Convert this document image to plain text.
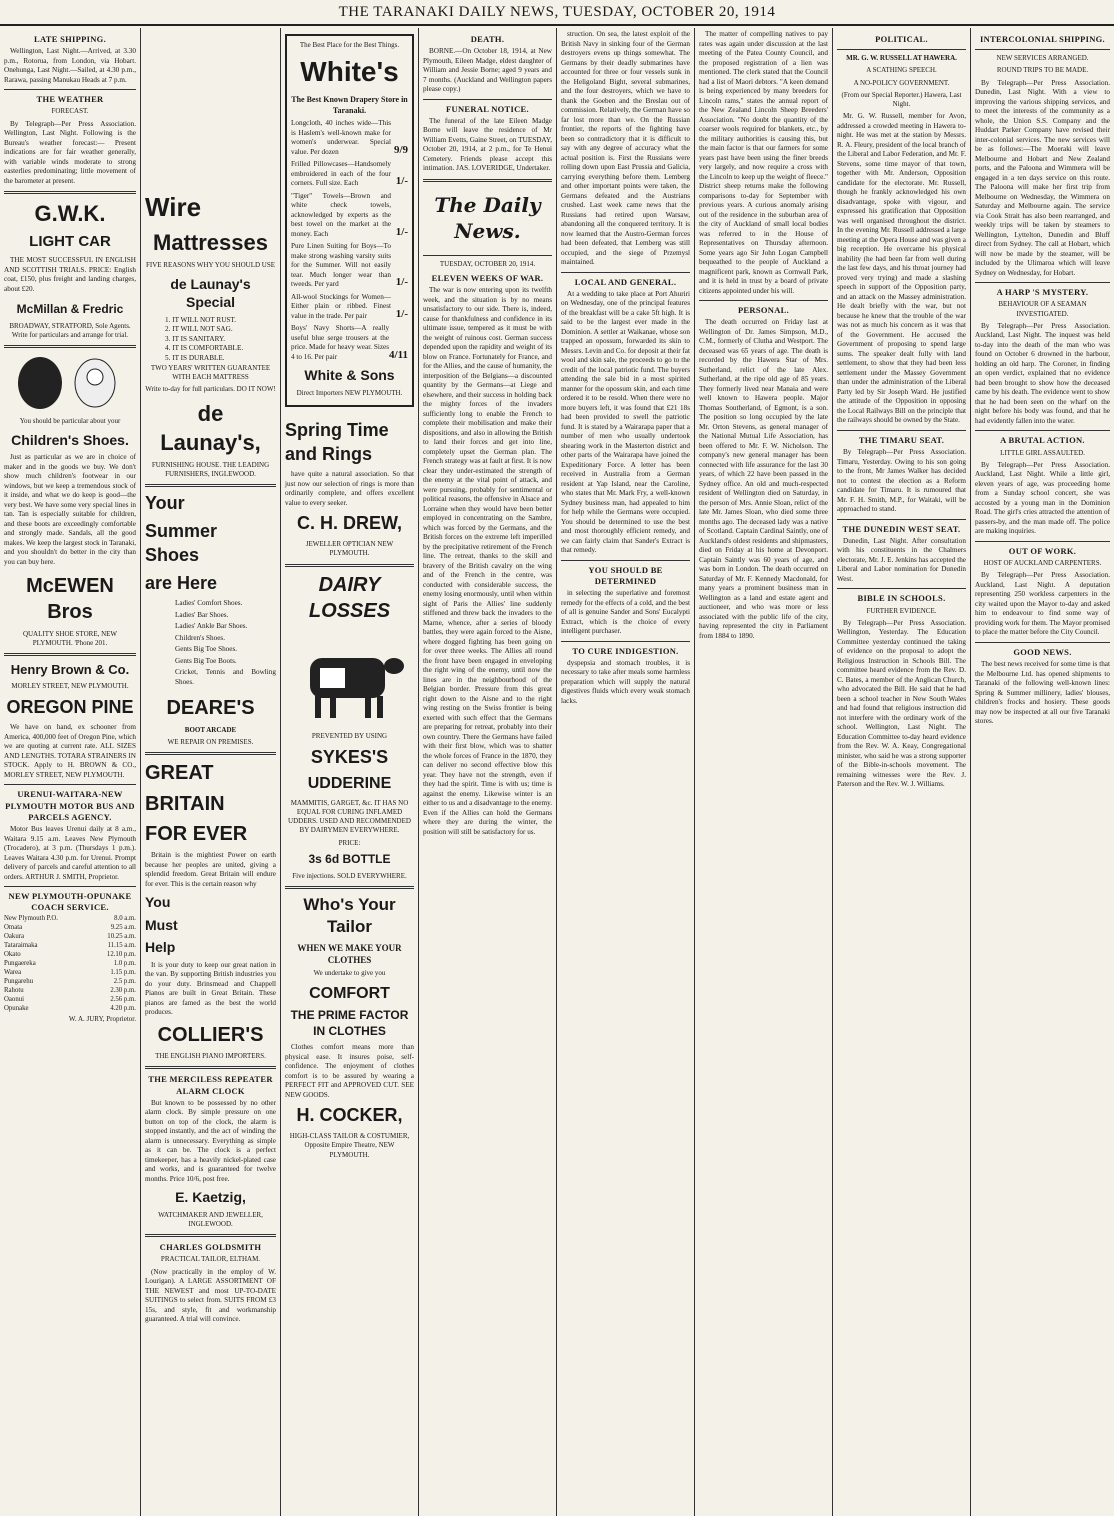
THE TARANAKI DAILY NEWS, TUESDAY, OCTOBER 20, 1914
LATE SHIPPING.

Wellington, Last Night.—Arrived, at 3.30 p.m., Rotorua, from London, via Hobart. Onehunga, Last Night.—Sailed, at 4.30 p.m., Rarawa, passing Manukau Heads at 7 p.m.

THE WEATHER
FORECAST.

By Telegraph—Per Press Association. Wellington, Last Night. Following is the Bureau's weather forecast:— Present indications are for fair weather generally, with variable winds moderate to strong easterlies predominating; little movement of the barometer at present.

G.W.K.
LIGHT CAR

THE MOST SUCCESSFUL IN ENGLISH AND SCOTTISH TRIALS. PRICE: English coat, £150, plus freight and landing charges, about £20.

McMillan & Fredric
BROADWAY, STRATFORD, Sole Agents. Write for particulars and arrange for trial.
You should be particular about your
Children's Shoes.

Just as particular as we are in choice of maker and in the goods we buy. We don't show much children's footwear in our windows, but we keep a tremendous stock of it inside, and what we do keep is good—the very best. We have some very special lines in tan. Tan is especially suitable for children, and these boots are exceedingly comfortable and strongly made. Sandals, all the good makes. We keep the largest stock in Taranaki, and you shouldn't do better in the city than you can buy here.

McEWEN Bros
QUALITY SHOE STORE, NEW PLYMOUTH. 'Phone 201.
Henry Brown & Co.
MORLEY STREET, NEW PLYMOUTH.
OREGON PINE

We have on hand, ex schooner from America, 400,000 feet of Oregon Pine, which we are quoting at current rate. ALL SIZES AND LENGTHS. TOTARA STRAINERS IN STOCK. Apply to H. BROWN & CO., MORLEY STREET, NEW PLYMOUTH.

URENUI-WAITARA-NEW PLYMOUTH MOTOR BUS AND PARCELS AGENCY.

Motor Bus leaves Urenui daily at 8 a.m., Waitara 9.15 a.m. Leaves New Plymouth (Trocadero), at 3 p.m. (Thursdays 1 p.m.). Leaves Waitara 4.30 p.m. for Urenui. Prompt delivery of parcels and careful attention to all orders. ARTHUR J. SMITH, Proprietor.

NEW PLYMOUTH-OPUNAKE COACH SERVICE.
New Plymouth P.O.	8.0 a.m.
Omata	9.25 a.m.
Oakura	10.25 a.m.
Tataraimaka	11.15 a.m.
Okato	12.10 p.m.
Pungaereka	1.0 p.m.
Warea	1.15 p.m.
Pungarehu	2.5 p.m.
Rahotu	2.30 p.m.
Oaonui	2.56 p.m.
Opunake	4.20 p.m.
W. A. JURY, Proprietor.
Wire
Mattresses
FIVE REASONS WHY YOU SHOULD USE
de Launay's Special
1. IT WILL NOT RUST.
2. IT WILL NOT SAG.
3. IT IS SANITARY.
4. IT IS COMFORTABLE.
5. IT IS DURABLE.
TWO YEARS' WRITTEN GUARANTEE WITH EACH MATTRESS
Write to-day for full particulars. DO IT NOW!
de Launay's,
FURNISHING HOUSE. THE LEADING FURNISHERS, INGLEWOOD.
Your
Summer Shoes
are Here
Ladies' Comfort Shoes.
Ladies' Bar Shoes.
Ladies' Ankle Bar Shoes.
Children's Shoes.
Gents Big Toe Shoes.
Gents Big Toe Boots.
Cricket, Tennis and Bowling Shoes.
DEARE'S
BOOT ARCADE
WE REPAIR ON PREMISES.
GREAT
BRITAIN
FOR EVER

Britain is the mightiest Power on earth because her peoples are united, giving a splendid freedom. Great Britain will endure for ever. This is the certain reason why

You
Must
Help

It is your duty to keep our great nation in the van. By supporting British industries you do your duty. Brinsmead and Chappell Pianos are built in Great Britain. These pianos are famed as the best the world produces.

COLLIER'S
THE ENGLISH PIANO IMPORTERS.
THE MERCILESS REPEATER ALARM CLOCK

But known to be possessed by no other alarm clock. By simple pressure on one button on top of the clock, the alarm is stopped instantly, and the act of winding the alarm is unnecessary. Everything as simple as it can be. The clock is a perfect timekeeper, has a heavily nickel-plated case and works, and is guaranteed for twelve months. Price 10/6, post free.

E. Kaetzig,
WATCHMAKER AND JEWELLER, INGLEWOOD.
CHARLES GOLDSMITH
PRACTICAL TAILOR, ELTHAM.

(Now practically in the employ of W. Lourigan). A LARGE ASSORTMENT OF THE NEWEST and most UP-TO-DATE SUITINGS to select from. SUITS FROM £3 15s, and style, fit and workmanship guaranteed. A trial will convince.

The Best Place for the Best Things.
White's
The Best Known Drapery Store in Taranaki.
Longcloth, 40 inches wide—This is Haslem's well-known make for women's underwear. Special value. Per dozen	9/9
Frilled Pillowcases—Handsomely embroidered in each of the four corners. Full size. Each	1/-
"Tiger" Towels—Brown and white check towels, acknowledged by experts as the best towel on the market at the money. Each	1/-
Pure Linen Suiting for Boys—To make strong washing varsity suits for the Summer. Will not easily tear. Much longer wear than tweeds. Per yard	1/-
All-wool Stockings for Women—Either plain or ribbed. Finest value in the trade. Per pair	1/-
Boys' Navy Shorts—A really useful blue serge trousers at the price. Made for heavy wear. Sizes 4 to 16. Per pair	4/11
White & Sons
Direct Importers NEW PLYMOUTH.
Spring Time and Rings

have quite a natural association. So that just now our selection of rings is more than ordinarily complete, and offers excellent value to every seeker.

C. H. DREW,
JEWELLER OPTICIAN NEW PLYMOUTH.
DAIRY LOSSES
PREVENTED BY USING
SYKES'S
UDDERINE
MAMMITIS, GARGET, &c. IT HAS NO EQUAL FOR CURING INFLAMED UDDERS. USED AND RECOMMENDED BY DAIRYMEN EVERYWHERE.
PRICE:
3s 6d BOTTLE
Five injections. SOLD EVERYWHERE.
Who's Your Tailor
WHEN WE MAKE YOUR CLOTHES
We undertake to give you
COMFORT
THE PRIME FACTOR IN CLOTHES

Clothes comfort means more than physical ease. It insures poise, self-confidence. The enjoyment of clothes comfort is to be assured by wearing a PERFECT FIT and APPROVED CUT. SEE NEW GOODS.

H. COCKER,
HIGH-CLASS TAILOR & COSTUMIER, Opposite Empire Theatre, NEW PLYMOUTH.
DEATH.

BORNE.—On October 18, 1914, at New Plymouth, Eileen Madge, eldest daughter of William and Jessie Borne; aged 9 years and 7 months. (Auckland and Wellington papers please copy.)

FUNERAL NOTICE.

The funeral of the late Eileen Madge Borne will leave the residence of Mr William Evetts, Gaine Street, on TUESDAY, October 20, 1914, at 2 p.m., for Te Henui Cemetery. Friends please accept this intimation. JAS. LOVERIDGE, Undertaker.

The Daily News.
TUESDAY, OCTOBER 20, 1914.
ELEVEN WEEKS OF WAR.

The war is now entering upon its twelfth week, and the situation is by no means unsatisfactory to our side. There is, indeed, cause for thankfulness and confidence in its ultimate issue, tempered as it must be with the weight of ruinous cost. German success depended upon the rapidity and weight of its blow on France. Fortunately for France, and for the Allies, and the cause of humanity, the interposition of the Belgians—a discounted quantity by the Germans—at Liege and elsewhere, and their success in holding back the mighty forces of the invaders sufficiently long to enable the French to complete their mobilisation and make their dispositions, and also in allowing the British to land their forces and get into line, completely upset the German plan. The French strategy was at fault at first. It is now clear they under-estimated the strength of the enemy at the vital point of attack, and were pursuing, probably for sentimental or political reasons, the offensive in Alsace and Lorraine when they would have been better employed in concentrating on the Sambre, which was forced by the Germans, and the British forces on the extreme left imperilled by the precipitative retirement of the French line. The retreat, thanks to the skill and bravery of the British cavalry on the wing and of the French in the centre, was conducted with considerable success, the enemy losing enormously, until when within sight of Paris the Allies' line suddenly stiffened and threw back the invaders to the Marne, whence, after a series of bloody battles, they were again forced to the Aisne, where dogged fighting has been going on for over three weeks. The Allies all round the front have been engaged in enveloping the right wing of the enemy, until now the lines are in the neighbourhood of the Belgian border. Pressure from this great right down to the Aisne and to the right wing resting on the Swiss frontier is being exerted with such effect that the Germans are preparing for retreat, probably into their own country. There the Germans have failed with their first blow, which was to shatter the whole forces of France in the 1870, they can deliver no second effective blow this year. They have not the strength, even if they had the spirit. Time is with us; time is against the enemy. Likewise winter is an either to us and a disadvantage to the enemy. Even if the Allies can hold the Germans where they are during the winter, the position will still be satisfactory for us.

struction. On sea, the latest exploit of the British Navy in sinking four of the German destroyers evens up things somewhat. The Germans by their deadly submarines have accounted for three or four vessels sunk in the Heligoland Bight, several submarines, and the four destroyers, which we have to thank the Goeben and the Breslau out of commission. Relatively, the German have so far lost more than we. On the Russian frontier, the reports of the fighting have been so contradictory that it is difficult to say with any degree of accuracy what the actual position is. First the Russians were rolling down upon East Prussia and Galicia, carrying everything before them. Lemberg and other important points were taken, the Germans defeated and the Austrians crushed. Last week came news that the Russians had retired upon Warsaw, abandoning all the conquered territory. It is now learned that the Austro-German forces had been defeated, that Lemberg was still occupied, and the siege of Przemysl maintained.

LOCAL AND GENERAL.

At a wedding to take place at Port Ahuriri on Wednesday, one of the principal features of the breakfast will be a cake 5ft high. It is said to be the largest ever made in the Dominion. A settler at Waikanae, whose son trapped an opossum, forwarded its skin to Messrs. Levin and Co. for deposit at their fat wool and skin sale, the proceeds to go to the credit of the local patriotic fund. The buyers attending the sale bid in a most spirited manner for the opossum skin, and each time ordered it to be resold. When there were no more buyers left, it was found that £21 18s had been provided to swell the patriotic fund. It is stated by a Wairarapa paper that a number of men who usually undertook shearing work in the Masterton district and other parts of the Wairarapa have joined the Expeditionary Force. A letter has been received in Australia from a German resident at Yap Island, near the Caroline, who states that Mr. Mark Fry, a well-known Sydney business man, had appealed to him for help while the Germans were occupied. You should be determined to use the best and most thoroughly efficient remedy, and we can fairly claim that Sander's Extract is that remedy.

YOU SHOULD BE DETERMINED

in selecting the superlative and foremost remedy for the effects of a cold, and the best of all is genuine Sander and Sons' Eucalypti Extract, which is the choice of every intelligent purchaser.

TO CURE INDIGESTION.

dyspepsia and stomach troubles, it is necessary to take after meals some harmless preparation which will supply the natural digestives fluids which every weak stomach lacks.

The matter of compelling natives to pay rates was again under discussion at the last meeting of the Patea County Council, and the proposed registration of a lien was mentioned. The clerk stated that the Council had a list of Maori debtors. "A keen demand is being experienced by many breeders for Lincoln rams," states the annual report of the New Zealand Lincoln Sheep Breeders' Association. "No doubt the quantity of the coarser wools required for blankets, etc., by the military authorities is causing this, but the main factor is that our farmers for some years past have been using the finer breeds very largely, and now require a cross with the Lincoln to keep up the weight of fleece." District sheep returns make the following comparisons to-day for September with previous years. A curious anomaly arising out of the residence in the suburban area of the city of Auckland of small local bodies was referred to in the House of Representatives on Thursday afternoon. Some years ago Sir John Logan Campbell bequeathed to the people of Auckland a magnificent park, known as Cornwall Park, and it is held in trust by a board of private citizens appointed under his will.

PERSONAL.

The death occurred on Friday last at Wellington of Dr. James Simpson, M.D., C.M., formerly of Clutha and Westport. The deceased was 65 years of age. The death is recorded by the Hawera Star of Mrs. Sutherland, relict of the late Alex. Sutherland, at the ripe old age of 85 years. They formerly lived near Manaia and were well known to Hawera people. Major Thomas Southerland, of Egmont, is a son. The position so long occupied by the late Mr. Orton Stevens, as general manager of the National Mutual Life Association, has been offered to Mr. F. W. Nicholson. The company's new general manager has been connected with life assurance for the last 30 years, of which 22 have been passed in the Sydney office. An old and much-respected resident of Wellington died on Saturday, in the person of Mrs. Annie Sloan, relict of the late Mr. James Sloan, who died some three months ago. The deceased lady was a native of Scotland. Captain Cardinal Saintly, one of Auckland's oldest residents and shipmasters, died on Friday at his home at Devonport. Captain Saintly was 60 years of age, and was born in London. The death occurred on Saturday of Mr. F. Kennedy Macdonald, for many years a prominent business man in Wellington as a land and estate agent and auctioneer, and who was more or less associated with the public life of the city, having represented the city in Parliament from 1884 to 1890.

POLITICAL.
MR. G. W. RUSSELL AT HAWERA.
A SCATHING SPEECH.
A NO-POLICY GOVERNMENT.
(From our Special Reporter.) Hawera, Last Night.

Mr. G. W. Russell, member for Avon, addressed a crowded meeting in Hawera to-night. He was met at the station by Messrs. R. A. Fleury, president of the local branch of the Liberal and Labor Federation, and Mr. F. Stevens, some time mayor of that town, together with Mr. Anderson, Opposition candidate for the electorate. Mr. Russell, though he frankly acknowledged his own disadvantage, spoke with vigour, and expressed his gratification that Opposition was well organised throughout the district. In the evening Mr. Russell addressed a large meeting at the Opera House and was given a big reception. He overcame his physical inability (he had been far from well during the last few days, and his throat journey had proved very trying) and made a slashing speech in support of the Opposition party, and an attack on the Massey administration. He dealt briefly with the war, but not because he knew that the trouble of the war was not as much his concern as it was that of the Government. He accused the Government of proposing to spend large sums. The speaker dealt fully with land settlement, to show that they had been less settlement under the Massey Government than under the administration of the Liberal Party led by Sir Joseph Ward. He justified the attitude of the Opposition in opposing the Local Railways Bill on the principle that the railways should be owned by the State.

THE TIMARU SEAT.

By Telegraph—Per Press Association. Timaru, Yesterday. Owing to his son going to the front, Mr James Walker has decided not to contest the election as a Reform candidate for Timaru. It is rumoured that Mr. F. H. Smith, M.P., for Waitaki, will be approached to stand.

THE DUNEDIN WEST SEAT.

Dunedin, Last Night. After consultation with his constituents in the Chalmers electorate, Mr. J. E. Jenkins has accepted the Liberal and Labor nomination for Dunedin West.

BIBLE IN SCHOOLS.
FURTHER EVIDENCE.

By Telegraph—Per Press Association. Wellington, Yesterday. The Education Committee yesterday continued the taking of evidence on the proposal to adopt the Religious Instruction in Schools Bill. The committee heard evidence from the Rev. D. C. Bates, a member of the Anglican Church, who advocated the Bill. He said that he had been a school teacher in New South Wales and had found that religious instruction did not interfere with the ordinary work of the school. Wellington, Last Night. The Education Committee to-day heard evidence from the Rev. W. A. Keay, Congregational minister, who said he was a strong supporter of the Bible-in-schools movement. The remaining witnesses were the Rev. J. Paterson and the Rev. W. J. Williams.

INTERCOLONIAL SHIPPING.
NEW SERVICES ARRANGED.
ROUND TRIPS TO BE MADE.

By Telegraph—Per Press Association. Dunedin, Last Night. With a view to improving the various shipping services, and to meet the interests of the community as a whole, the Union S.S. Company and the Huddart Parker Company have revised their inter-colonial services. The new services will be as follows:—The Moeraki will leave Melbourne and Hobart and New Zealand ports, and the Paloona and Wimmera will be engaged in a ten days service on this route. The Paloona will make her first trip from Melbourne on Wednesday, the Wimmera on Saturday and Melbourne again. The service via Cook Strait has also been rearranged, and weekly trips will be taken by steamers to Wellington, Lyttelton, Dunedin and Bluff direct from Sydney. The call at Hobart, which will now be made by the steamer, will be included by the Ulimaroa which will leave Sydney on Wednesday, for Hobart.

A HARP 'S MYSTERY.
BEHAVIOUR OF A SEAMAN INVESTIGATED.

By Telegraph—Per Press Association. Auckland, Last Night. The inquest was held to-day into the death of the man who was found on October 6 drowned in the harbour, holding an old harp. The Coroner, in finding an open verdict, explained that no evidence had been brought to show how the deceased came by his death. The evidence went to show that he had been seen on the wharf on the night before his body was found, and that he had evidently fallen into the water.

A BRUTAL ACTION.
LITTLE GIRL ASSAULTED.

By Telegraph—Per Press Association. Auckland, Last Night. While a little girl, eleven years of age, was proceeding home from a Sunday school concert, she was accosted by a young man in the Dominion Road. The girl's cries attracted the attention of passers-by, and the man made off. The police are making inquiries.

OUT OF WORK.
HOST OF AUCKLAND CARPENTERS.

By Telegraph—Per Press Association. Auckland, Last Night. A deputation representing 250 workless carpenters in the city waited upon the Mayor to-day and asked him to endeavour to find some way of providing work for them. The Mayor promised to place the matter before the City Council.

GOOD NEWS.

The best news received for some time is that the Melbourne Ltd. has opened shipments to Taranaki of the following well-known lines: Spring & Summer millinery, ladies' blouses, children's frocks and hosiery. These goods may now be inspected at all our five Taranaki stores.
